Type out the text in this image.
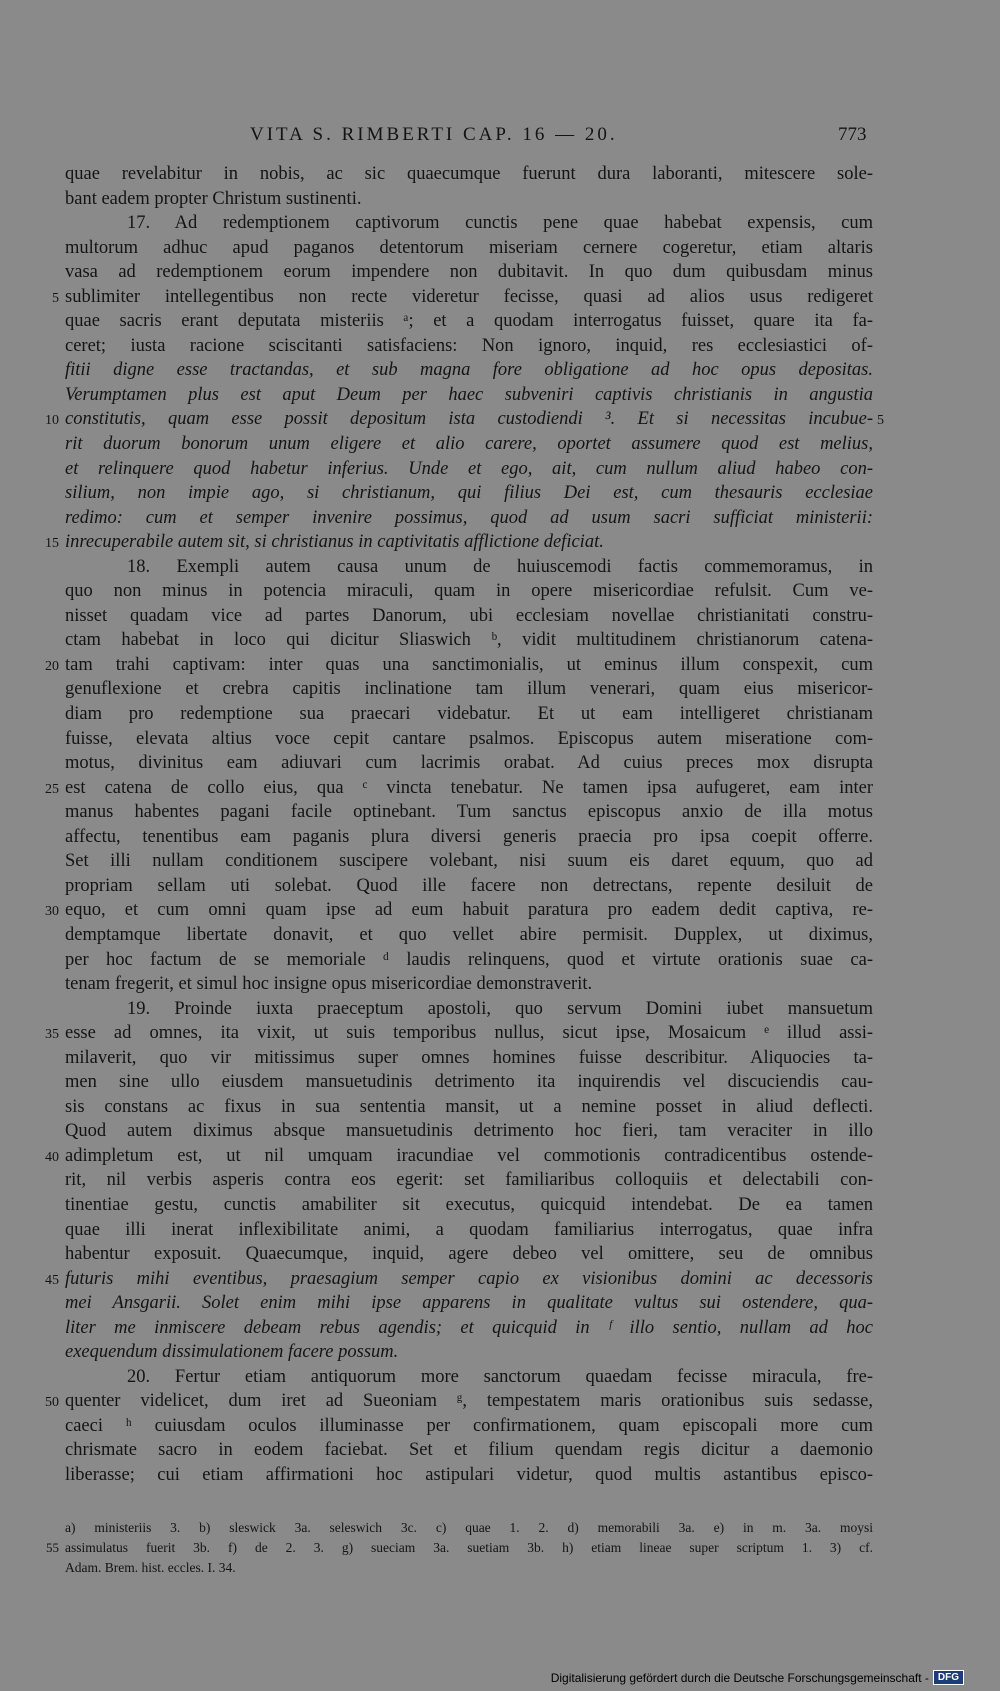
VITA S. RIMBERTI CAP. 16 — 20.	773
quae revelabitur in nobis, ac sic quaecumque fuerunt dura laboranti, mitescere sole-
bant eadem propter Christum sustinenti.
17. Ad redemptionem captivorum cunctis pene quae habebat expensis, cum
multorum adhuc apud paganos detentorum miseriam cernere cogeretur, etiam altaris
vasa ad redemptionem eorum impendere non dubitavit. In quo dum quibusdam minus
5 sublimiter intellegentibus non recte videretur fecisse, quasi ad alios usus redigeret
quae sacris erant deputata misteriis ᵃ; et a quodam interrogatus fuisset, quare ita fa-
ceret; iusta racione sciscitanti satisfaciens: Non ignoro, inquid, res ecclesiastici of-
fitii digne esse tractandas, et sub magna fore obligatione ad hoc opus depositas.
Verumptamen plus est aput Deum per haec subveniri captivis christianis in angustia
10	5
constitutis, quam esse possit depositum ista custodiendi ³. Et si necessitas incubue-
rit duorum bonorum unum eligere et alio carere, oportet assumere quod est melius,
et relinquere quod habetur inferius. Unde et ego, ait, cum nullum aliud habeo con-
silium, non impie ago, si christianum, qui filius Dei est, cum thesauris ecclesiae
redimo: cum et semper invenire possimus, quod ad usum sacri sufficiat ministerii:
15 inrecuperabile autem sit, si christianus in captivitatis afflictione deficiat.
18. Exempli autem causa unum de huiuscemodi factis commemoramus, in
quo non minus in potencia miraculi, quam in opere misericordiae refulsit. Cum ve-
nisset quadam vice ad partes Danorum, ubi ecclesiam novellae christianitati constru-
ctam habebat in loco qui dicitur Sliaswich ᵇ, vidit multitudinem christianorum catena-
20 tam trahi captivam: inter quas una sanctimonialis, ut eminus illum conspexit, cum
genuflexione et crebra capitis inclinatione tam illum venerari, quam eius misericor-
diam pro redemptione sua praecari videbatur. Et ut eam intelligeret christianam
fuisse, elevata altius voce cepit cantare psalmos. Episcopus autem miseratione com-
motus, divinitus eam adiuvari cum lacrimis orabat. Ad cuius preces mox disrupta
25 est catena de collo eius, qua ᶜ vincta tenebatur. Ne tamen ipsa aufugeret, eam inter
manus habentes pagani facile optinebant. Tum sanctus episcopus anxio de illa motus
affectu, tenentibus eam paganis plura diversi generis praecia pro ipsa coepit offerre.
Set illi nullam conditionem suscipere volebant, nisi suum eis daret equum, quo ad
propriam sellam uti solebat. Quod ille facere non detrectans, repente desiluit de
30 equo, et cum omni quam ipse ad eum habuit paratura pro eadem dedit captiva, re-
demptamque libertate donavit, et quo vellet abire permisit. Dupplex, ut diximus,
per hoc factum de se memoriale ᵈ laudis relinquens, quod et virtute orationis suae ca-
tenam fregerit, et simul hoc insigne opus misericordiae demonstraverit.
19. Proinde iuxta praeceptum apostoli, quo servum Domini iubet mansuetum
35 esse ad omnes, ita vixit, ut suis temporibus nullus, sicut ipse, Mosaicum ᵉ illud assi-
milaverit, quo vir mitissimus super omnes homines fuisse describitur. Aliquocies ta-
men sine ullo eiusdem mansuetudinis detrimento ita inquirendis vel discuciendis cau-
sis constans ac fixus in sua sententia mansit, ut a nemine posset in aliud deflecti.
Quod autem diximus absque mansuetudinis detrimento hoc fieri, tam veraciter in illo
40 adimpletum est, ut nil umquam iracundiae vel commotionis contradicentibus ostende-
rit, nil verbis asperis contra eos egerit: set familiaribus colloquiis et delectabili con-
tinentiae gestu, cunctis amabiliter sit executus, quicquid intendebat. De ea tamen
quae illi inerat inflexibilitate animi, a quodam familiarius interrogatus, quae infra
habentur exposuit. Quaecumque, inquid, agere debeo vel omittere, seu de omnibus
45 futuris mihi eventibus, praesagium semper capio ex visionibus domini ac decessoris
mei Ansgarii. Solet enim mihi ipse apparens in qualitate vultus sui ostendere, qua-
liter me inmiscere debeam rebus agendis; et quicquid in ᶠ illo sentio, nullam ad hoc
exequendum dissimulationem facere possum.
20. Fertur etiam antiquorum more sanctorum quaedam fecisse miracula, fre-
50 quenter videlicet, dum iret ad Sueoniam ᵍ, tempestatem maris orationibus suis sedasse,
caeci ʰ cuiusdam oculos illuminasse per confirmationem, quam episcopali more cum
chrismate sacro in eodem faciebat. Set et filium quendam regis dicitur a daemonio
liberasse; cui etiam affirmationi hoc astipulari videtur, quod multis astantibus episco-
a) ministeriis 3. b) sleswick 3a. seleswich 3c. c) quae 1. 2. d) memorabili 3a. e) in m. 3a. moysi
55 assimulatus fuerit 3b. f) de 2. 3. g) sueciam 3a. suetiam 3b. h) etiam lineae super scriptum 1. 3) cf.
Adam. Brem. hist. eccles. I. 34.
Digitalisierung gefördert durch die Deutsche Forschungsgemeinschaft - DFG
